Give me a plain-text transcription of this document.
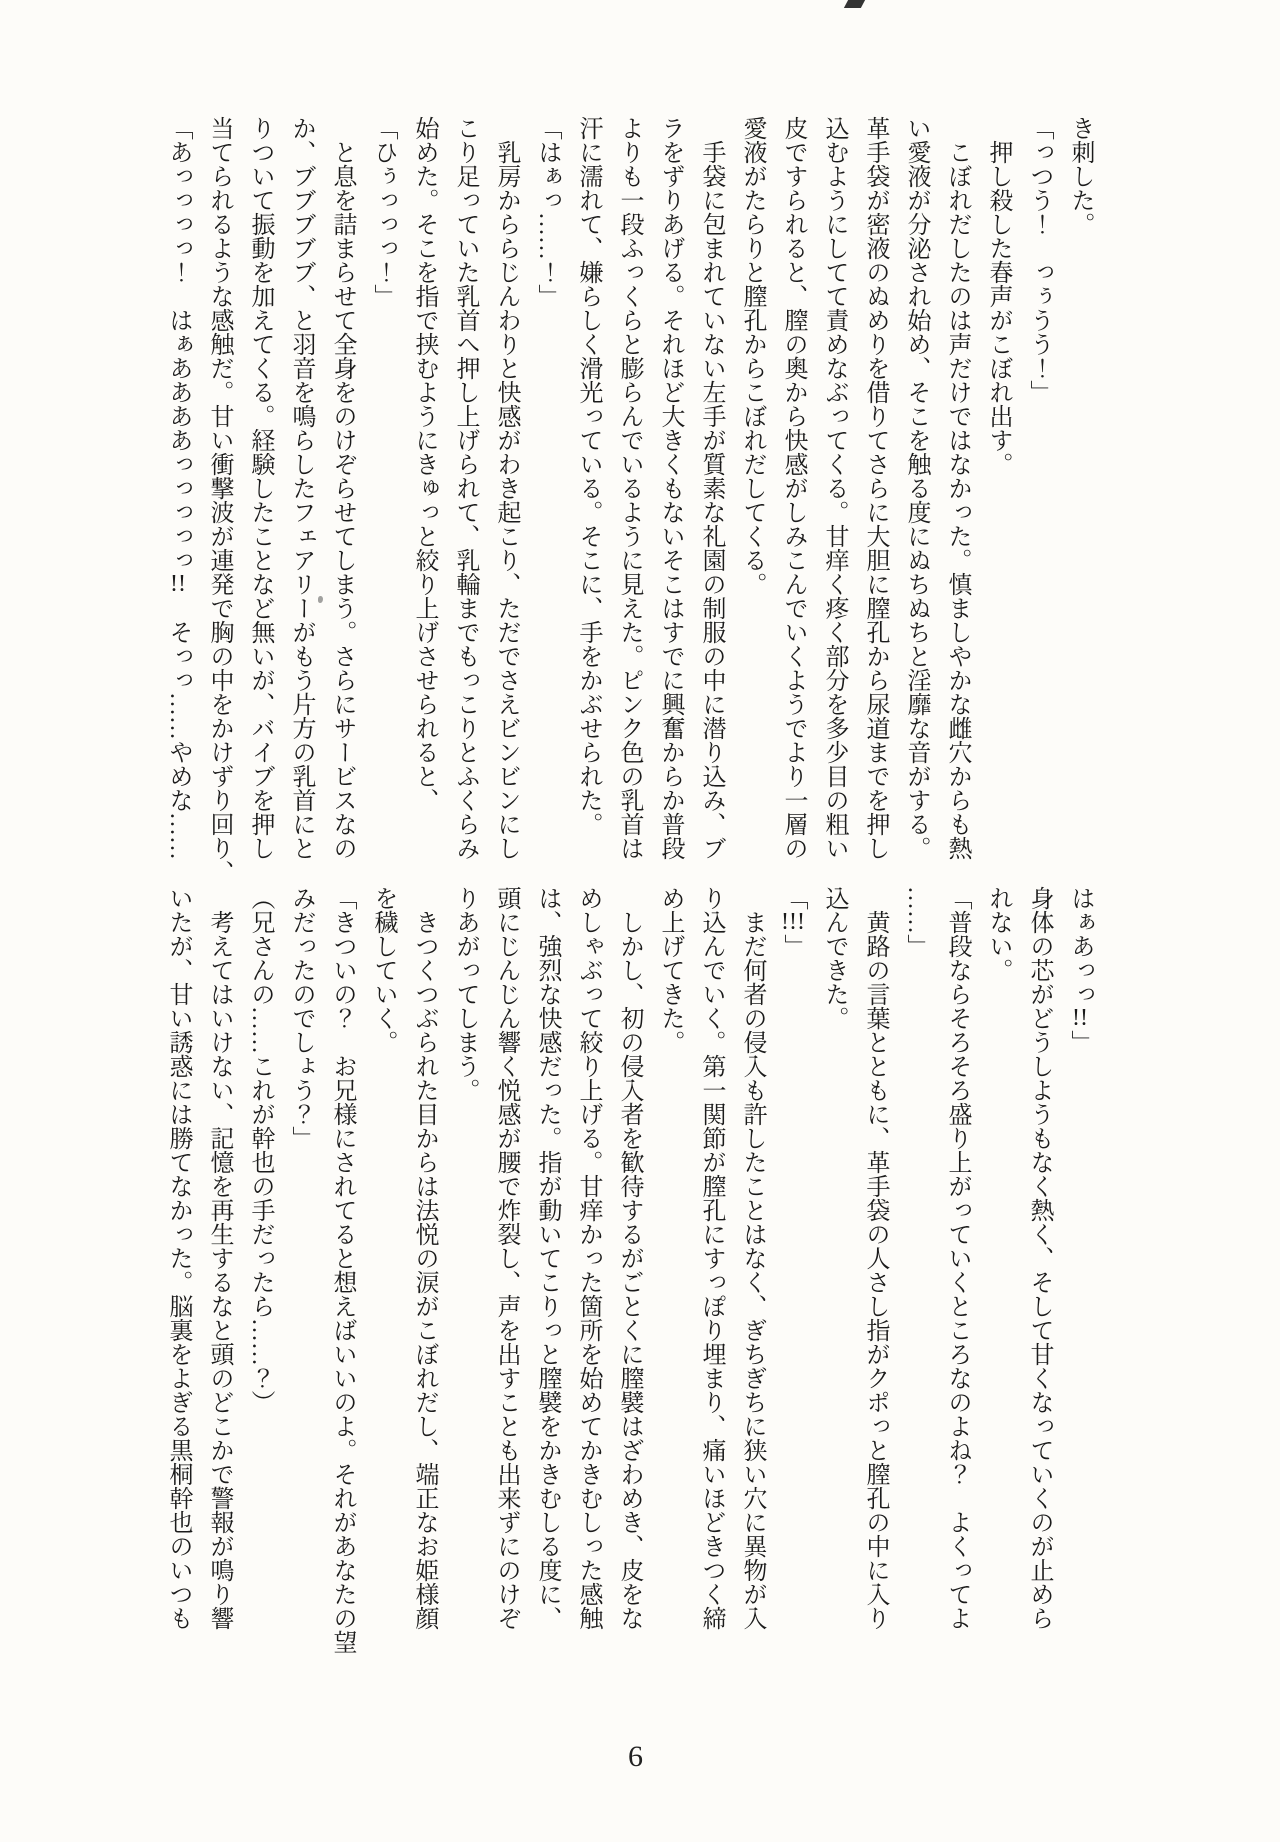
き刺した。
「っつう！　っぅうう！」
　押し殺した春声がこぼれ出す。
　こぼれだしたのは声だけではなかった。慎ましやかな雌穴からも熱
い愛液が分泌され始め、そこを触る度にぬちぬちと淫靡な音がする。
革手袋が密液のぬめりを借りてさらに大胆に膣孔から尿道までを押し
込むようにしてて責めなぶってくる。甘痒く疼く部分を多少目の粗い
皮ですられると、膣の奥から快感がしみこんでいくようでより一層の
愛液がたらりと膣孔からこぼれだしてくる。
　手袋に包まれていない左手が質素な礼園の制服の中に潜り込み、ブ
ラをずりあげる。それほど大きくもないそこはすでに興奮からか普段
よりも一段ふっくらと膨らんでいるように見えた。ピンク色の乳首は
汗に濡れて、嫌らしく滑光っている。そこに、手をかぶせられた。
「はぁっ……！」
　乳房かららじんわりと快感がわき起こり、ただでさえビンビンにし
こり足っていた乳首へ押し上げられて、乳輪までもっこりとふくらみ
始めた。そこを指で挟むようにきゅっと絞り上げさせられると、
「ひぅっっっ！」
　と息を詰まらせて全身をのけぞらせてしまう。さらにサービスなの
か、ブブブブブ、と羽音を鳴らしたフェアリーがもう片方の乳首にと
りついて振動を加えてくる。経験したことなど無いが、バイブを押し
当てられるような感触だ。甘い衝撃波が連発で胸の中をかけずり回り、
「あっっっっ！　はぁああああっっっっっ!!　そっっ……やめな……
はぁあっっ!!」
身体の芯がどうしようもなく熱く、そして甘くなっていくのが止めら
れない。
「普段ならそろそろ盛り上がっていくところなのよね？　よくってよ
……」
　黄路の言葉とともに、革手袋の人さし指がクポっと膣孔の中に入り
込んできた。
「!!!」
　まだ何者の侵入も許したことはなく、ぎちぎちに狭い穴に異物が入
り込んでいく。第一関節が膣孔にすっぽり埋まり、痛いほどきつく締
め上げてきた。
　しかし、初の侵入者を歓待するがごとくに膣襞はざわめき、皮をな
めしゃぶって絞り上げる。甘痒かった箇所を始めてかきむしった感触
は、強烈な快感だった。指が動いてこりっと膣襞をかきむしる度に、
頭にじんじん響く悦感が腰で炸裂し、声を出すことも出来ずにのけぞ
りあがってしまう。
　きつくつぶられた目からは法悦の涙がこぼれだし、端正なお姫様顔
を穢していく。
「きついの？　お兄様にされてると想えばいいのよ。それがあなたの望
みだったのでしょう？」
（兄さんの……これが幹也の手だったら……？）
　考えてはいけない、記憶を再生するなと頭のどこかで警報が鳴り響
いたが、甘い誘惑には勝てなかった。脳裏をよぎる黒桐幹也のいつも
6
